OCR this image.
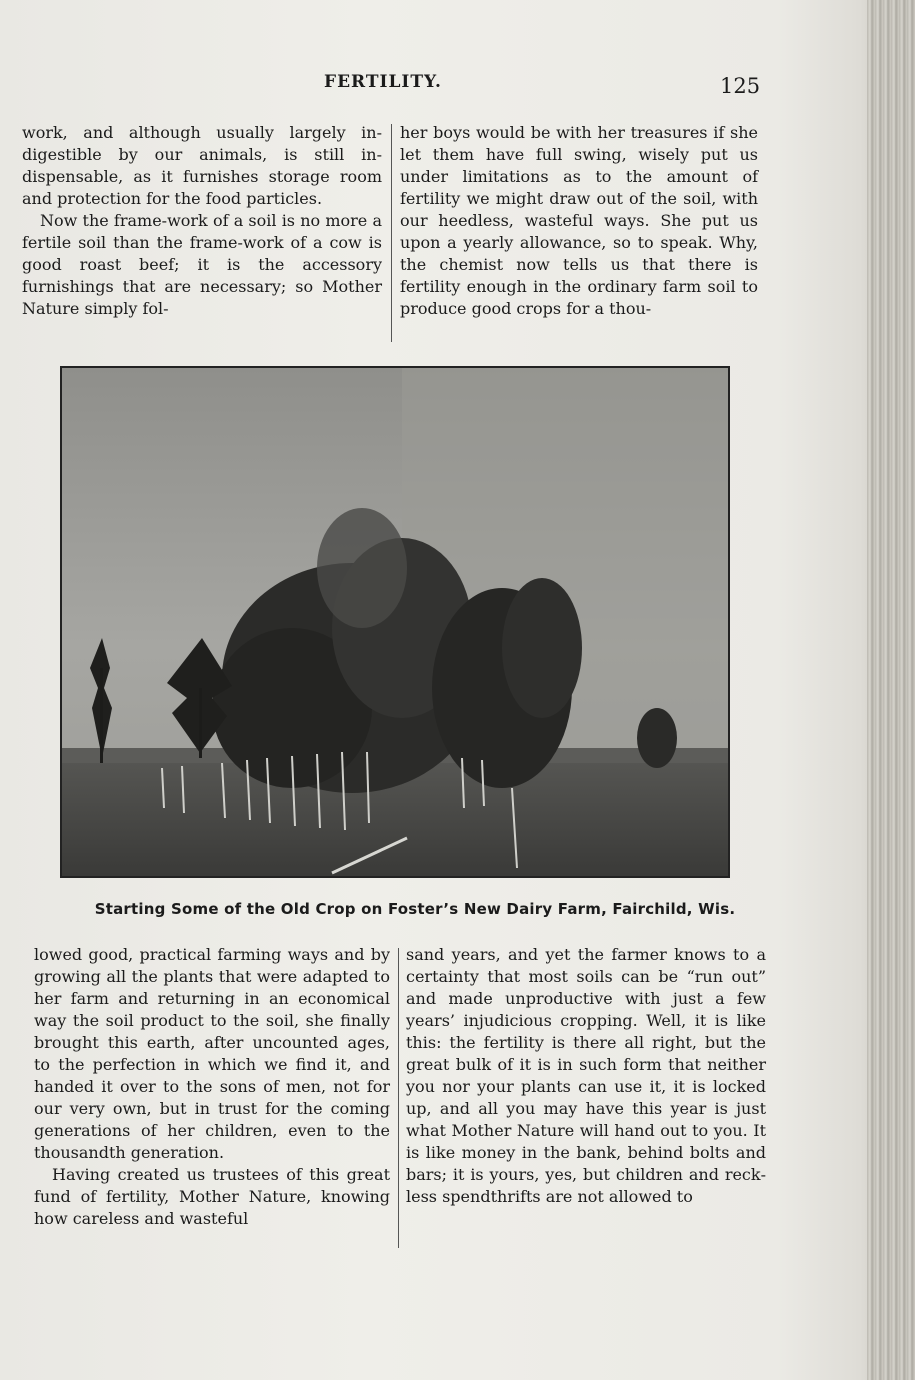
FERTILITY.	125

work, and although usually largely indigestible by our animals, is still indispensable, as it furnishes storage room and protection for the food particles.

Now the frame-work of a soil is no more a fertile soil than the frame-work of a cow is good roast beef; it is the accessory furnishings that are necessary; so Mother Nature simply fol-

her boys would be with her treasures if she let them have full swing, wisely put us under limitations as to the amount of fertility we might draw out of the soil, with our heedless, wasteful ways. She put us upon a yearly allowance, so to speak. Why, the chemist now tells us that there is fertility enough in the ordinary farm soil to produce good crops for a thou-

Starting Some of the Old Crop on Foster’s New Dairy Farm, Fairchild, Wis.

lowed good, practical farming ways and by growing all the plants that were adapted to her farm and returning in an economical way the soil product to the soil, she finally brought this earth, after uncounted ages, to the perfection in which we find it, and handed it over to the sons of men, not for our very own, but in trust for the coming generations of her children, even to the thousandth generation.

Having created us trustees of this great fund of fertility, Mother Nature, knowing how careless and wasteful

sand years, and yet the farmer knows to a certainty that most soils can be “run out” and made unproductive with just a few years’ injudicious cropping. Well, it is like this: the fertility is there all right, but the great bulk of it is in such form that neither you nor your plants can use it, it is locked up, and all you may have this year is just what Mother Nature will hand out to you. It is like money in the bank, behind bolts and bars; it is yours, yes, but children and reckless spendthrifts are not allowed to
